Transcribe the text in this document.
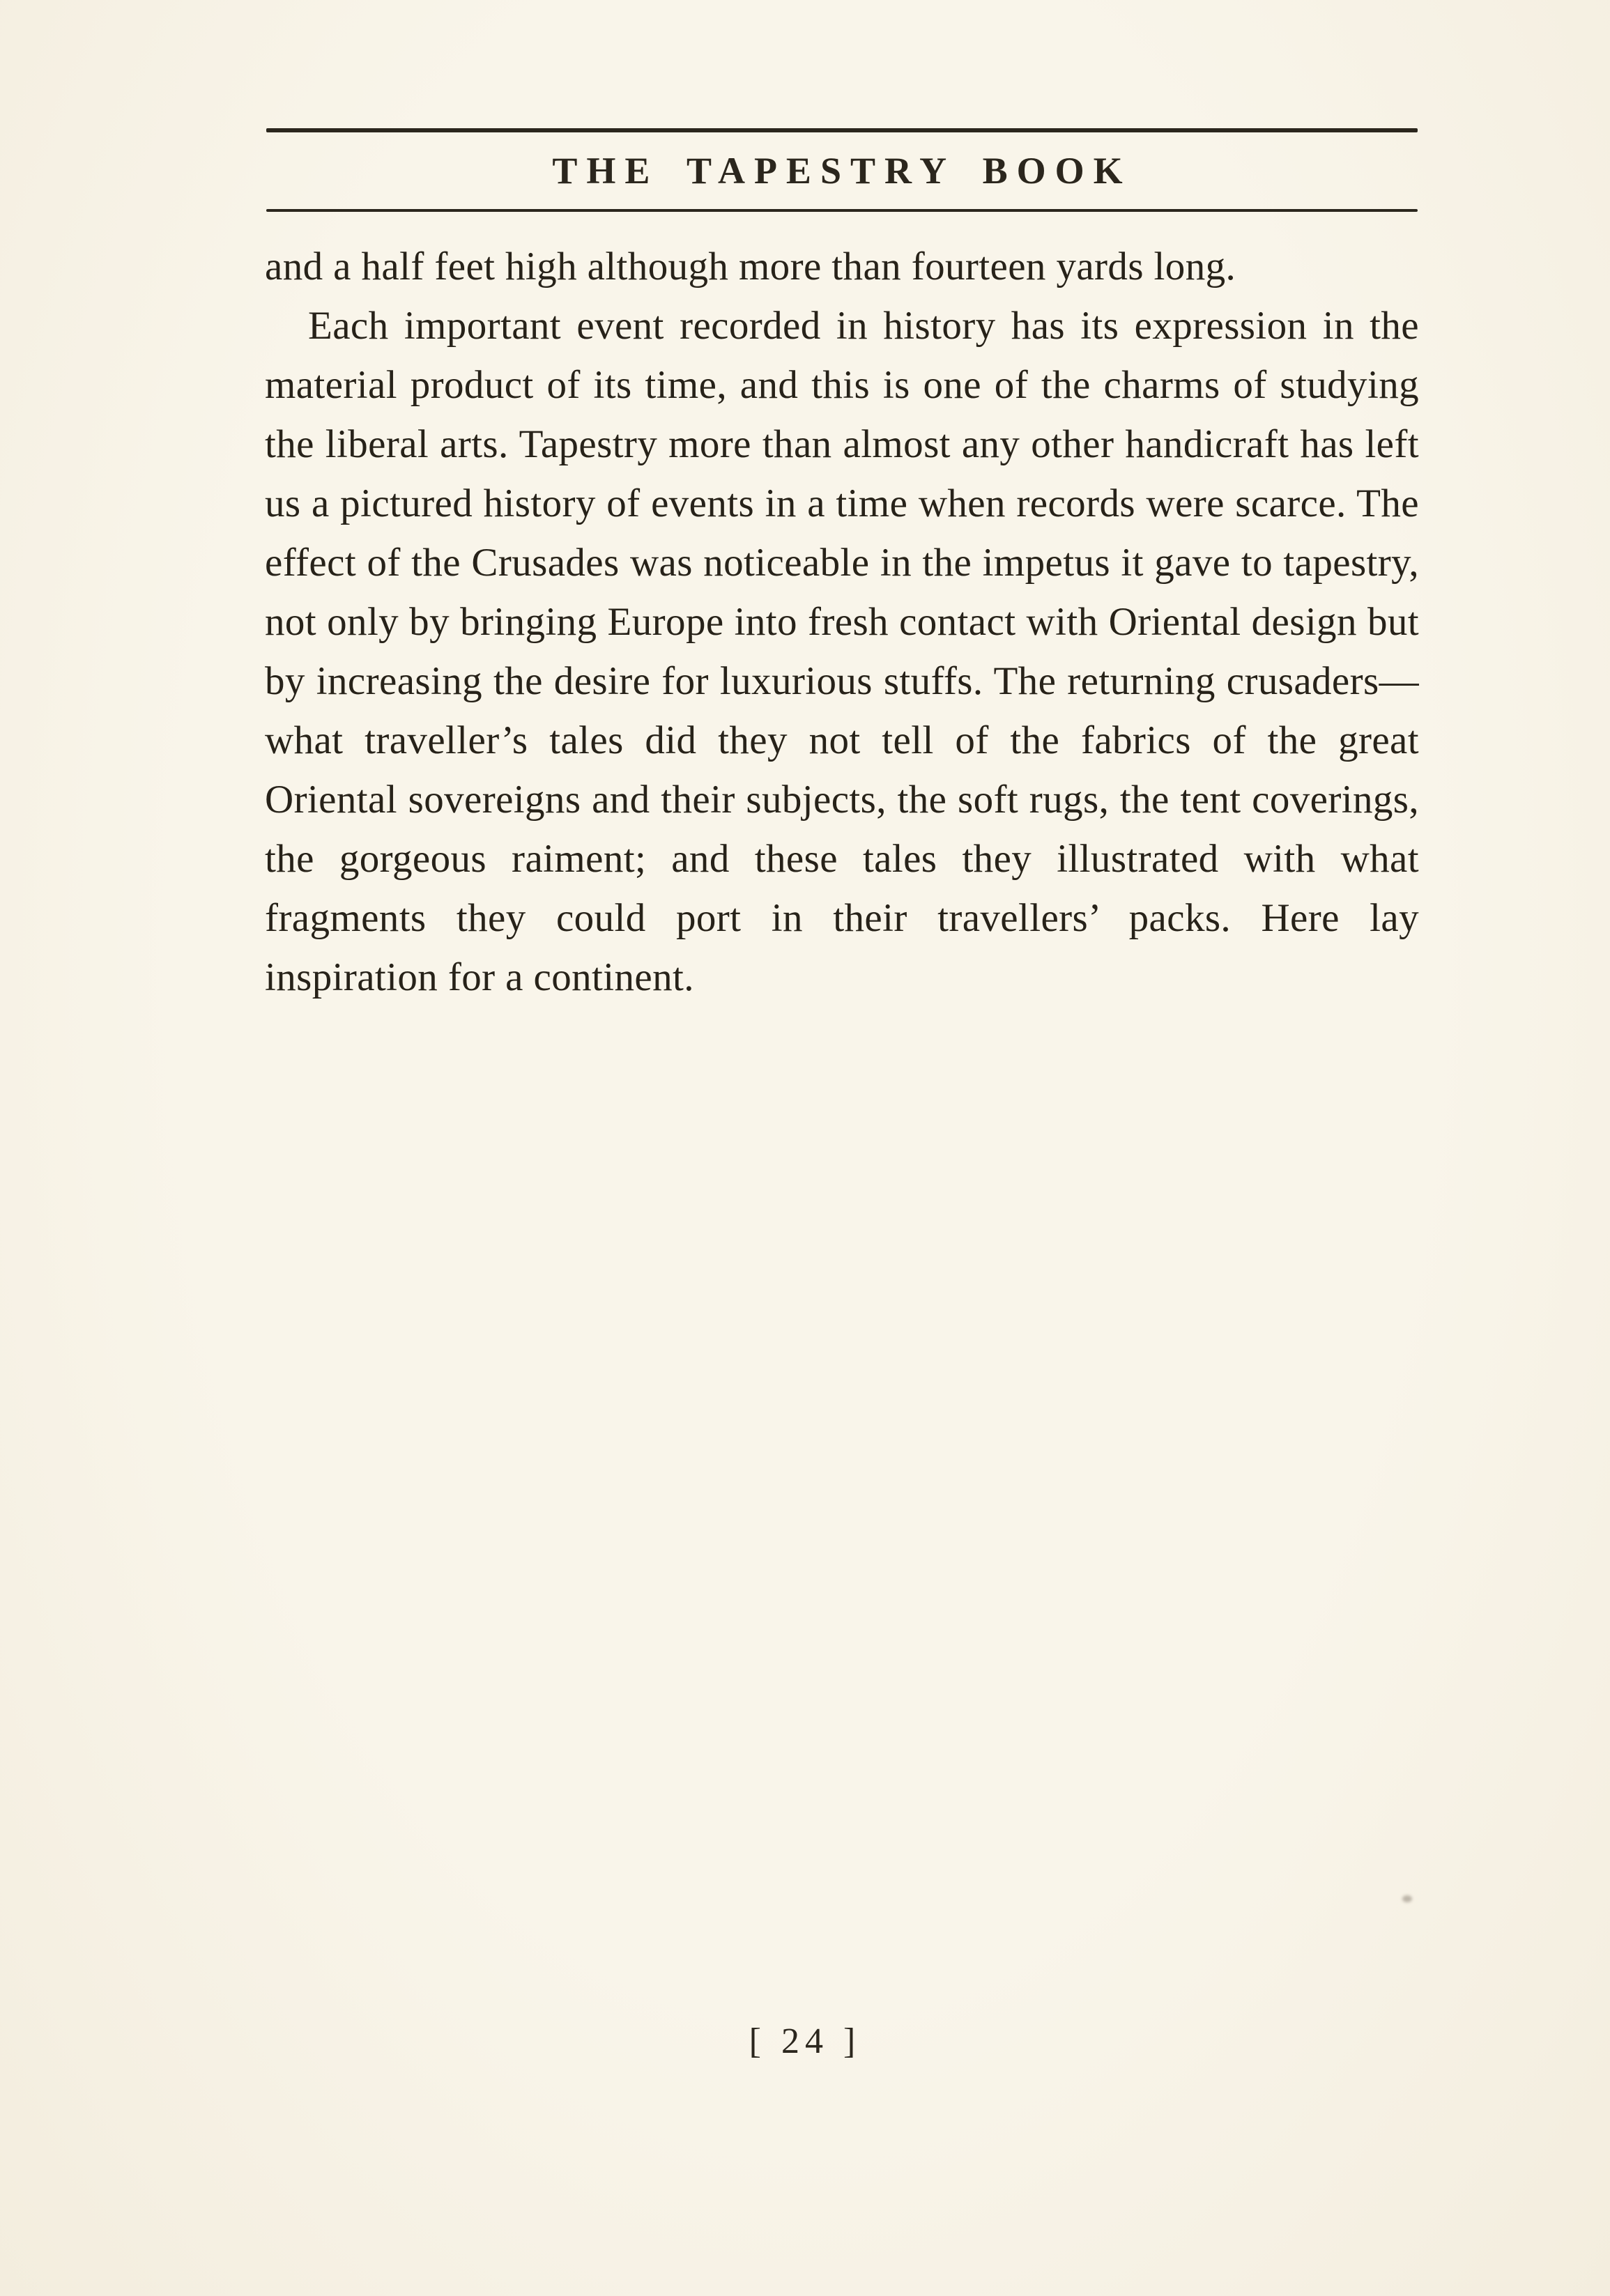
THE TAPESTRY BOOK

and a half feet high although more than fourteen yards long.

Each important event recorded in history has its expression in the material product of its time, and this is one of the charms of studying the liberal arts. Tapestry more than almost any other handicraft has left us a pictured history of events in a time when records were scarce. The effect of the Crusades was noticeable in the impetus it gave to tapestry, not only by bringing Europe into fresh contact with Oriental design but by increasing the desire for luxurious stuffs. The returning crusaders—what traveller’s tales did they not tell of the fabrics of the great Oriental sovereigns and their subjects, the soft rugs, the tent coverings, the gorgeous raiment; and these tales they illustrated with what fragments they could port in their travellers’ packs. Here lay inspiration for a continent.

[ 24 ]
